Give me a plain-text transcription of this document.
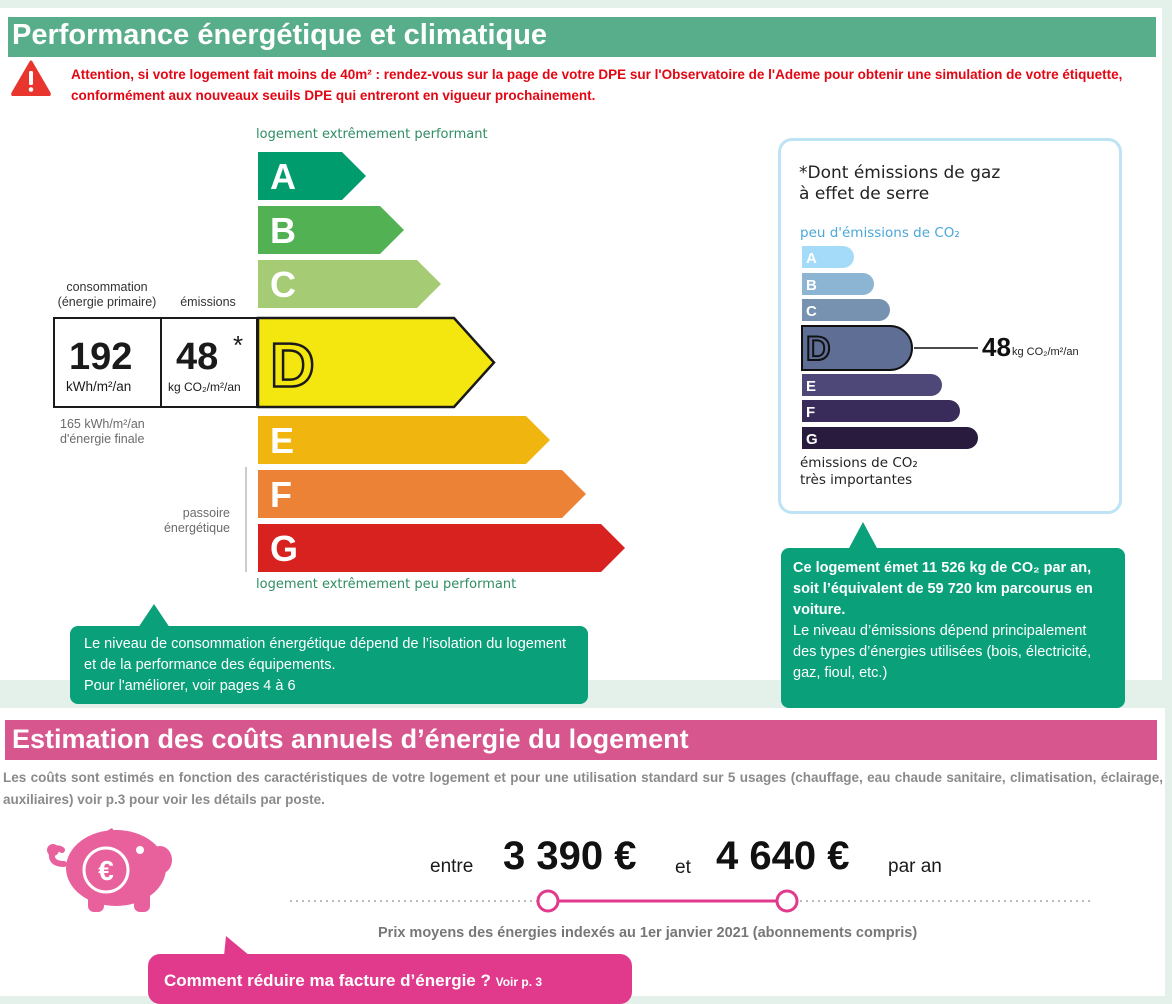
Performance énergétique et climatique
Attention, si votre logement fait moins de 40m² : rendez-vous sur la page de votre DPE sur l'Observatoire de l'Ademe pour obtenir une simulation de votre étiquette, conformément aux nouveaux seuils DPE qui entreront en vigueur prochainement.
logement extrêmement performant
logement extrêmement peu performant
A
B
C
D
E
F
G
consommation (énergie primaire)	émissions
192
kWh/m²/an
48 *
kg CO₂/m²/an
165 kWh/m²/an
d'énergie finale
passoire
énergétique
Le niveau de consommation énergétique dépend de l’isolation du logement et de la performance des équipements.
Pour l'améliorer, voir pages 4 à 6
*Dont émissions de gaz
à effet de serre
peu d'émissions de CO₂
émissions de CO₂
très importantes
A
B
C
D
E
F
G
48 kg CO₂/m²/an
Ce logement émet 11 526 kg de CO₂ par an, soit l’équivalent de 59 720 km parcourus en voiture.
Le niveau d’émissions dépend principalement des types d’énergies utilisées (bois, électricité, gaz, fioul, etc.)
Estimation des coûts annuels d’énergie du logement
Les coûts sont estimés en fonction des caractéristiques de votre logement et pour une utilisation standard sur 5 usages (chauffage, eau chaude sanitaire, climatisation, éclairage, auxiliaires) voir p.3 pour voir les détails par poste.
€	entre 3 390 € et 4 640 € par an
Prix moyens des énergies indexés au 1er janvier 2021 (abonnements compris)
Comment réduire ma facture d’énergie ? Voir p. 3
